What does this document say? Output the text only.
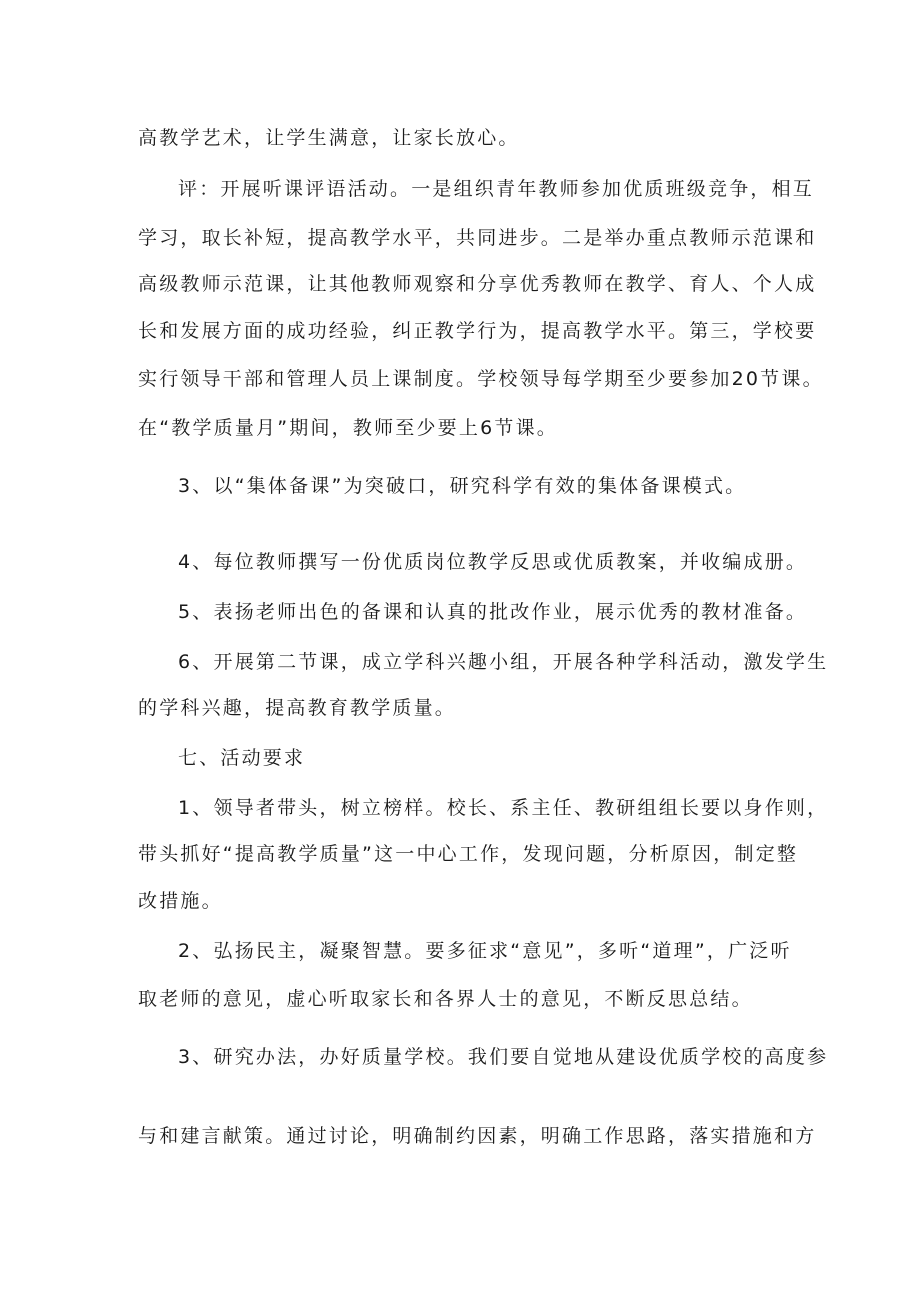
高教学艺术，让学生满意，让家长放心。
评：开展听课评语活动。一是组织青年教师参加优质班级竞争，相互
学习，取长补短，提高教学水平，共同进步。二是举办重点教师示范课和
高级教师示范课，让其他教师观察和分享优秀教师在教学、育人、个人成
长和发展方面的成功经验，纠正教学行为，提高教学水平。第三，学校要
实行领导干部和管理人员上课制度。学校领导每学期至少要参加20节课。
在“教学质量月”期间，教师至少要上6节课。
3、以“集体备课”为突破口，研究科学有效的集体备课模式。
4、每位教师撰写一份优质岗位教学反思或优质教案，并收编成册。
5、表扬老师出色的备课和认真的批改作业，展示优秀的教材准备。
6、开展第二节课，成立学科兴趣小组，开展各种学科活动，激发学生
的学科兴趣，提高教育教学质量。
七、活动要求
1、领导者带头，树立榜样。校长、系主任、教研组组长要以身作则，
带头抓好“提高教学质量”这一中心工作，发现问题，分析原因，制定整
改措施。
2、弘扬民主，凝聚智慧。要多征求“意见”，多听“道理”，广泛听
取老师的意见，虚心听取家长和各界人士的意见，不断反思总结。
3、研究办法，办好质量学校。我们要自觉地从建设优质学校的高度参
与和建言献策。通过讨论，明确制约因素，明确工作思路，落实措施和方
